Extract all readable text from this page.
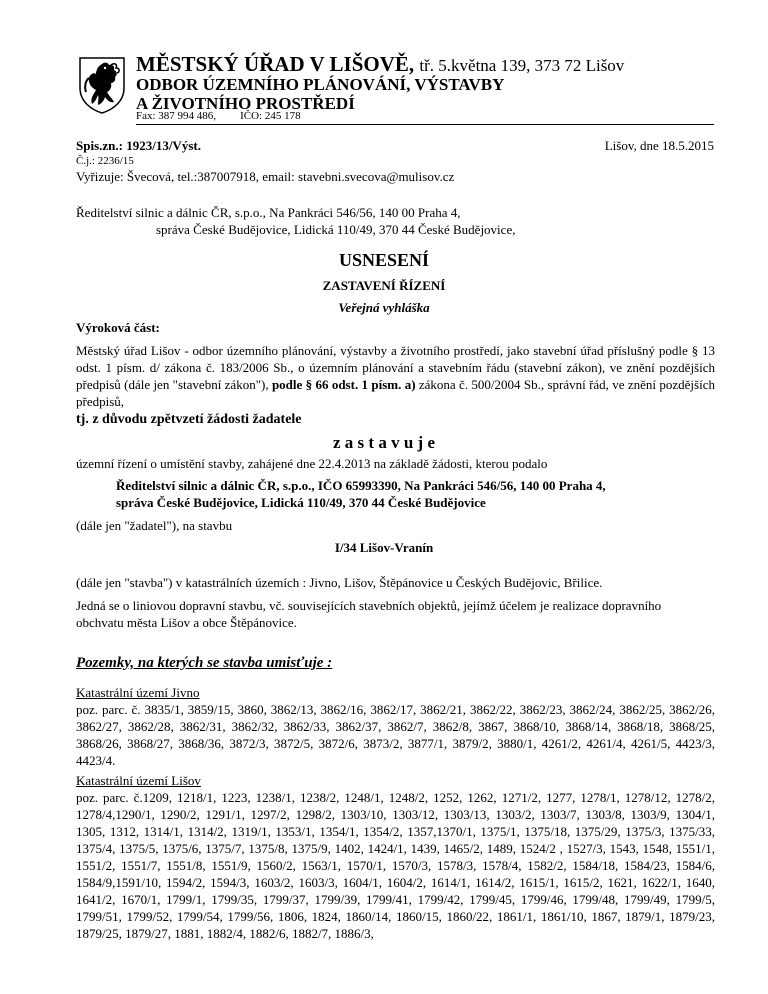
MĚSTSKÝ ÚŘAD V LIŠOVĚ, tř. 5.května 139, 373 72 Lišov
ODBOR ÚZEMNÍHO PLÁNOVÁNÍ, VÝSTAVBY
A ŽIVOTNÍHO PROSTŘEDÍ
Fax: 387 994 486, IČO: 245 178
Spis.zn.: 1923/13/Výst.	Lišov, dne 18.5.2015
Č.j.: 2236/15
Vyřizuje: Švecová, tel.:387007918, email: stavebni.svecova@mulisov.cz
Ředitelství silnic a dálnic ČR, s.p.o., Na Pankráci 546/56, 140 00 Praha 4,
správa České Budějovice, Lidická 110/49, 370 44 České Budějovice,
USNESENÍ
ZASTAVENÍ ŘÍZENÍ
Veřejná vyhláška
Výroková část:
Městský úřad Lišov - odbor územního plánování, výstavby a životního prostředí, jako stavební úřad příslušný podle § 13 odst. 1 písm. d/ zákona č. 183/2006 Sb., o územním plánování a stavebním řádu (stavební zákon), ve znění pozdějších předpisů (dále jen "stavební zákon"), podle § 66 odst. 1 písm. a) zákona č. 500/2004 Sb., správní řád, ve znění pozdějších předpisů,
tj. z důvodu zpětvzetí žádosti žadatele
z a s t a v u j e
územní řízení o umístění stavby, zahájené dne 22.4.2013 na základě žádosti, kterou podalo
Ředitelství silnic a dálnic ČR, s.p.o., IČO 65993390, Na Pankráci 546/56, 140 00 Praha 4,
správa České Budějovice, Lidická 110/49, 370 44 České Budějovice
(dále jen "žadatel"), na stavbu
I/34 Lišov-Vranín
(dále jen "stavba") v katastrálních územích : Jivno, Lišov, Štěpánovice u Českých Budějovic, Břilice.
Jedná se o liniovou dopravní stavbu, vč. souvisejících stavebních objektů, jejímž účelem je realizace dopravního obchvatu města Lišov a obce Štěpánovice.
Pozemky, na kterých se stavba umisťuje :
Katastrální území Jivno
poz. parc. č. 3835/1, 3859/15, 3860, 3862/13, 3862/16, 3862/17, 3862/21, 3862/22, 3862/23, 3862/24, 3862/25, 3862/26, 3862/27, 3862/28, 3862/31, 3862/32, 3862/33, 3862/37, 3862/7, 3862/8, 3867, 3868/10, 3868/14, 3868/18, 3868/25, 3868/26, 3868/27, 3868/36, 3872/3, 3872/5, 3872/6, 3873/2, 3877/1, 3879/2, 3880/1, 4261/2, 4261/4, 4261/5, 4423/3, 4423/4.
Katastrální území Lišov
poz. parc. č.1209, 1218/1, 1223, 1238/1, 1238/2, 1248/1, 1248/2, 1252, 1262, 1271/2, 1277, 1278/1, 1278/12, 1278/2, 1278/4,1290/1, 1290/2, 1291/1, 1297/2, 1298/2, 1303/10, 1303/12, 1303/13, 1303/2, 1303/7, 1303/8, 1303/9, 1304/1, 1305, 1312, 1314/1, 1314/2, 1319/1, 1353/1, 1354/1, 1354/2, 1357,1370/1, 1375/1, 1375/18, 1375/29, 1375/3, 1375/33, 1375/4, 1375/5, 1375/6, 1375/7, 1375/8, 1375/9, 1402, 1424/1, 1439, 1465/2, 1489, 1524/2 , 1527/3, 1543, 1548, 1551/1, 1551/2, 1551/7, 1551/8, 1551/9, 1560/2, 1563/1, 1570/1, 1570/3, 1578/3, 1578/4, 1582/2, 1584/18, 1584/23, 1584/6, 1584/9,1591/10, 1594/2, 1594/3, 1603/2, 1603/3, 1604/1, 1604/2, 1614/1, 1614/2, 1615/1, 1615/2, 1621, 1622/1, 1640, 1641/2, 1670/1, 1799/1, 1799/35, 1799/37, 1799/39, 1799/41, 1799/42, 1799/45, 1799/46, 1799/48, 1799/49, 1799/5, 1799/51, 1799/52, 1799/54, 1799/56, 1806, 1824, 1860/14, 1860/15, 1860/22, 1861/1, 1861/10, 1867, 1879/1, 1879/23, 1879/25, 1879/27, 1881, 1882/4, 1882/6, 1882/7, 1886/3,
